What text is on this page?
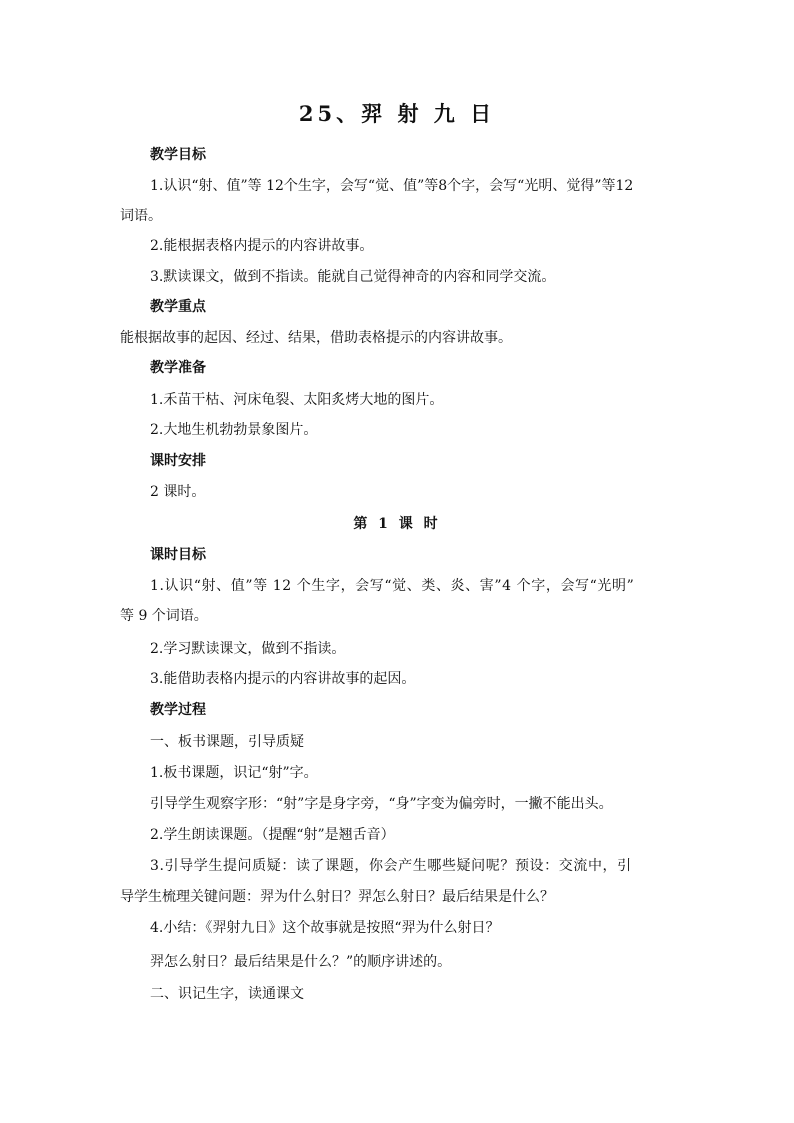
25、羿 射 九 日
教学目标
1.认识“射、值”等 12个生字，会写“觉、值”等8个字，会写“光明、觉得”等12
词语。
2.能根据表格内提示的内容讲故事。
3.默读课文，做到不指读。能就自己觉得神奇的内容和同学交流。
教学重点
能根据故事的起因、经过、结果，借助表格提示的内容讲故事。
教学准备
1.禾苗干枯、河床龟裂、太阳炙烤大地的图片。
2.大地生机勃勃景象图片。
课时安排
2 课时。
第 1 课 时
课时目标
1.认识“射、值”等 12 个生字，会写“觉、类、炎、害”4 个字，会写“光明”
等 9 个词语。
2.学习默读课文，做到不指读。
3.能借助表格内提示的内容讲故事的起因。
教学过程
一、板书课题，引导质疑
1.板书课题，识记“射”字。
引导学生观察字形：“射”字是身字旁，“身”字变为偏旁时，一撇不能出头。
2.学生朗读课题。（提醒“射”是翘舌音）
3.引导学生提问质疑：读了课题，你会产生哪些疑问呢？预设：交流中，引
导学生梳理关键问题：羿为什么射日？羿怎么射日？最后结果是什么？
4.小结：《羿射九日》这个故事就是按照“羿为什么射日？
羿怎么射日？最后结果是什么？”的顺序讲述的。
二、识记生字，读通课文
